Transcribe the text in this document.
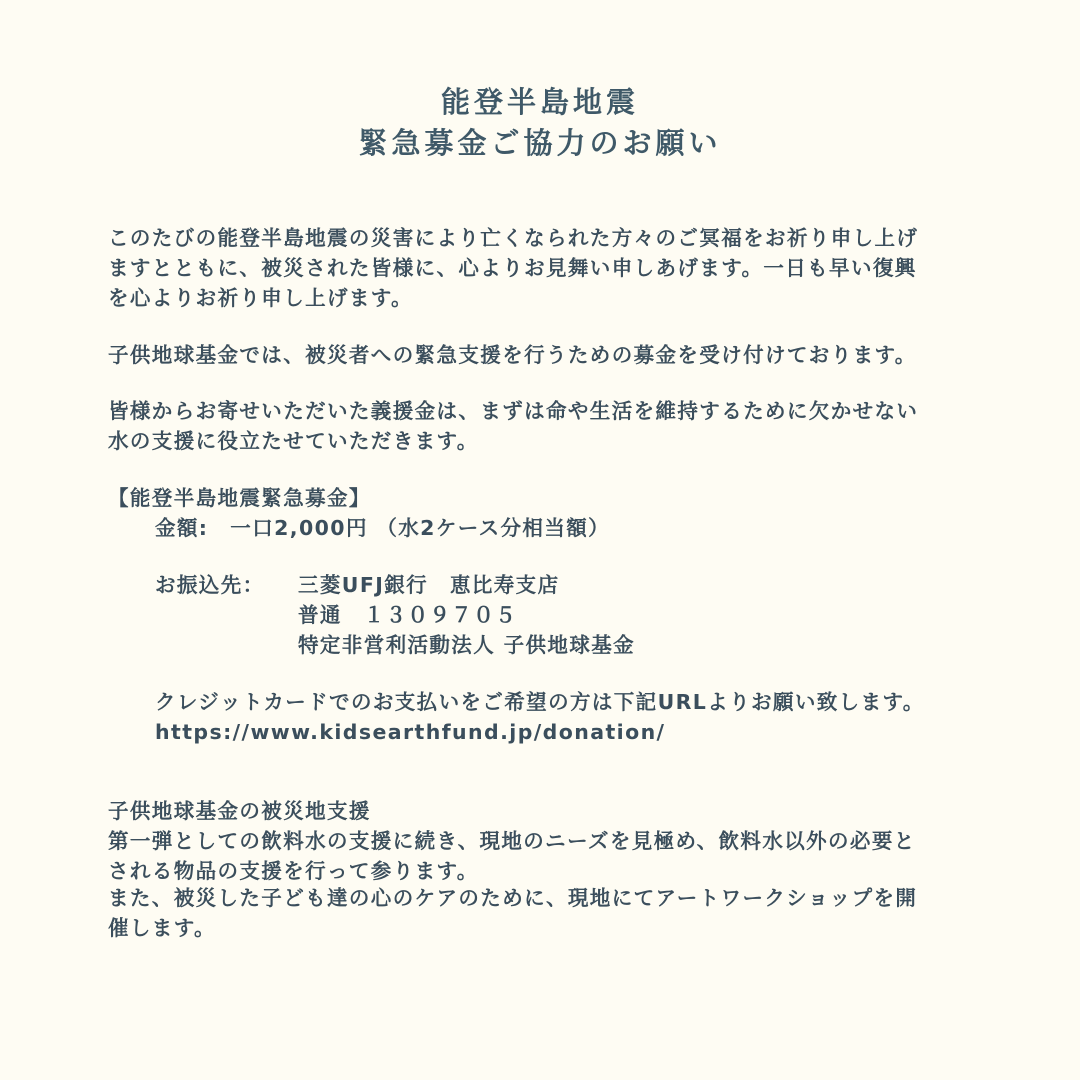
能登半島地震
緊急募金ご協力のお願い
このたびの能登半島地震の災害により亡くなられた方々のご冥福をお祈り申し上げ
ますとともに、被災された皆様に、心よりお見舞い申しあげます。一日も早い復興
を心よりお祈り申し上げます。
子供地球基金では、被災者への緊急支援を行うための募金を受け付けております。
皆様からお寄せいただいた義援金は、まずは命や生活を維持するために欠かせない
水の支援に役立たせていただきます。
【能登半島地震緊急募金】
金額:　一口2,000円 （水2ケース分相当額）
お振込先： 三菱UFJ銀行　恵比寿支店
普通　１３０９７０５
特定非営利活動法人 子供地球基金
クレジットカードでのお支払いをご希望の方は下記URLよりお願い致します。
https://www.kidsearthfund.jp/donation/
子供地球基金の被災地支援
第一弾としての飲料水の支援に続き、現地のニーズを見極め、飲料水以外の必要と
される物品の支援を行って参ります。
また、被災した子ども達の心のケアのために、現地にてアートワークショップを開
催します。
